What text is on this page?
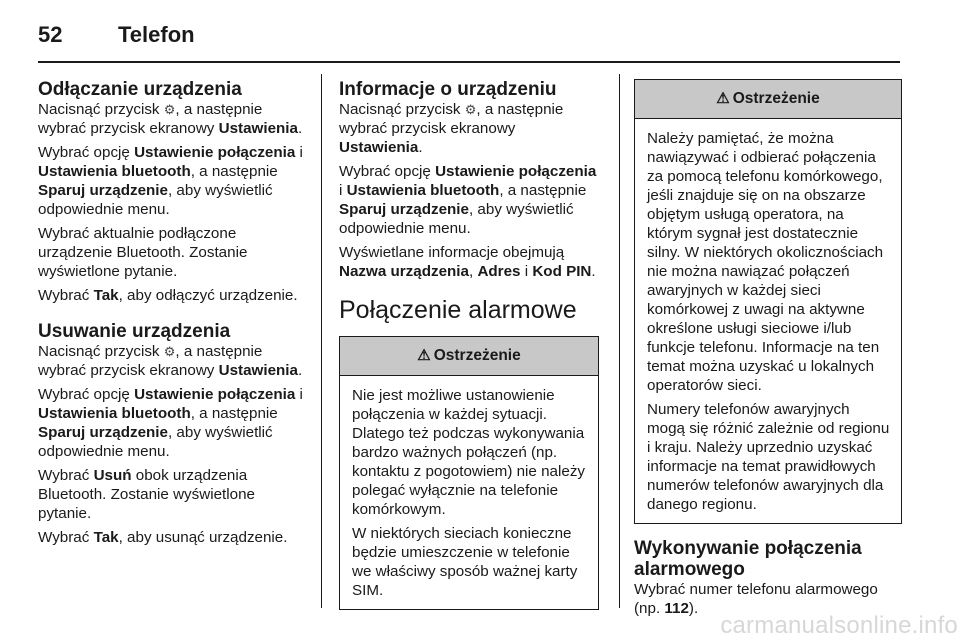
52	Telefon
Odłączanie urządzenia

Nacisnąć przycisk ⚙, a następnie wybrać przycisk ekranowy Ustawienia.

Wybrać opcję Ustawienie połączenia i Ustawienia bluetooth, a następnie Sparuj urządzenie, aby wyświetlić odpowiednie menu.

Wybrać aktualnie podłączone urządzenie Bluetooth. Zostanie wyświetlone pytanie.

Wybrać Tak, aby odłączyć urządzenie.

Usuwanie urządzenia

Nacisnąć przycisk ⚙, a następnie wybrać przycisk ekranowy Ustawienia.

Wybrać opcję Ustawienie połączenia i Ustawienia bluetooth, a następnie Sparuj urządzenie, aby wyświetlić odpowiednie menu.

Wybrać Usuń obok urządzenia Bluetooth. Zostanie wyświetlone pytanie.

Wybrać Tak, aby usunąć urządzenie.

Informacje o urządzeniu

Nacisnąć przycisk ⚙, a następnie wybrać przycisk ekranowy Ustawienia.

Wybrać opcję Ustawienie połączenia i Ustawienia bluetooth, a następnie Sparuj urządzenie, aby wyświetlić odpowiednie menu.

Wyświetlane informacje obejmują Nazwa urządzenia, Adres i Kod PIN.

Połączenie alarmowe
⚠ Ostrzeżenie

Nie jest możliwe ustanowienie połączenia w każdej sytuacji. Dlatego też podczas wykonywania bardzo ważnych połączeń (np. kontaktu z pogotowiem) nie należy polegać wyłącznie na telefonie komórkowym.

W niektórych sieciach konieczne będzie umieszczenie w telefonie we właściwy sposób ważnej karty SIM.

⚠ Ostrzeżenie

Należy pamiętać, że można nawiązywać i odbierać połączenia za pomocą telefonu komórkowego, jeśli znajduje się on na obszarze objętym usługą operatora, na którym sygnał jest dostatecznie silny. W niektórych okolicznościach nie można nawiązać połączeń awaryjnych w każdej sieci komórkowej z uwagi na aktywne określone usługi sieciowe i/lub funkcje telefonu. Informacje na ten temat można uzyskać u lokalnych operatorów sieci.

Numery telefonów awaryjnych mogą się różnić zależnie od regionu i kraju. Należy uprzednio uzyskać informacje na temat prawidłowych numerów telefonów awaryjnych dla danego regionu.

Wykonywanie połączenia alarmowego

Wybrać numer telefonu alarmowego (np. 112).

carmanualsonline.info
